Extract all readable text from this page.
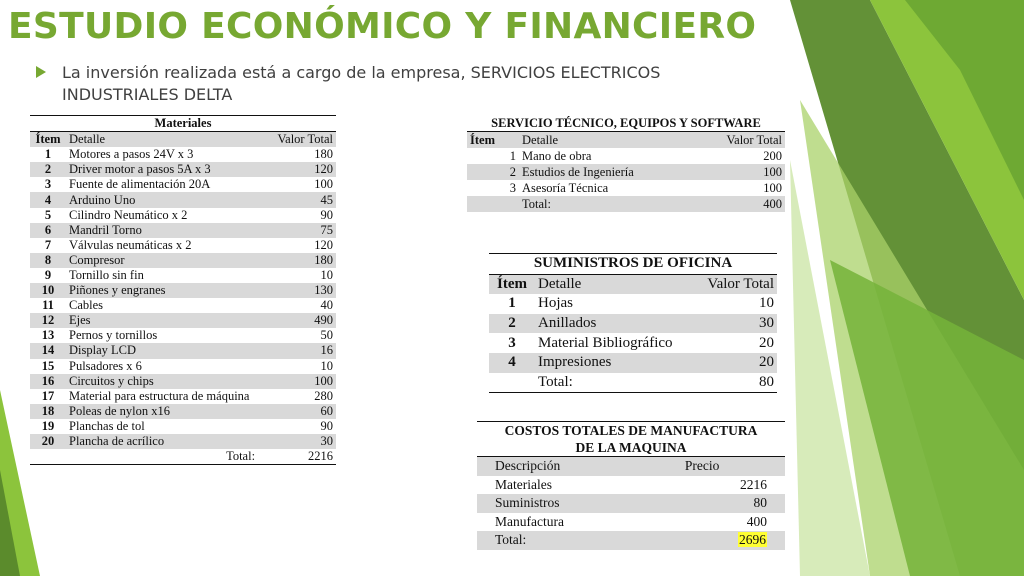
ESTUDIO ECONÓMICO Y FINANCIERO
La inversión realizada está a cargo de la empresa, SERVICIOS ELECTRICOS INDUSTRIALES DELTA
Materiales		
Ítem	Detalle	Valor Total
1	Motores a pasos 24V x 3	180
2	Driver motor a pasos 5A x 3	120
3	Fuente de alimentación 20A	100
4	Arduino Uno	45
5	Cilindro Neumático x 2	90
6	Mandril Torno	75
7	Válvulas neumáticas x 2	120
8	Compresor	180
9	Tornillo sin fin	10
10	Piñones y engranes	130
11	Cables	40
12	Ejes	490
13	Pernos y tornillos	50
14	Display LCD	16
15	Pulsadores x 6	10
16	Circuitos y chips	100
17	Material para estructura de máquina	280
18	Poleas de nylon x16	60
19	Planchas de tol	90
20	Plancha de acrílico	30
	Total:	2216
SERVICIO TÉCNICO, EQUIPOS Y SOFTWARE		
Ítem	Detalle	Valor Total
1	Mano de obra	200
2	Estudios de Ingeniería	100
3	Asesoría Técnica	100
	Total:	400
SUMINISTROS DE OFICINA		
Ítem	Detalle	Valor Total
1	Hojas	10
2	Anillados	30
3	Material Bibliográfico	20
4	Impresiones	20
	Total:	80
COSTOS TOTALES DE MANUFACTURA
DE LA MAQUINA	
Descripción	Precio
Materiales	2216
Suministros	80
Manufactura	400
Total:	2696
